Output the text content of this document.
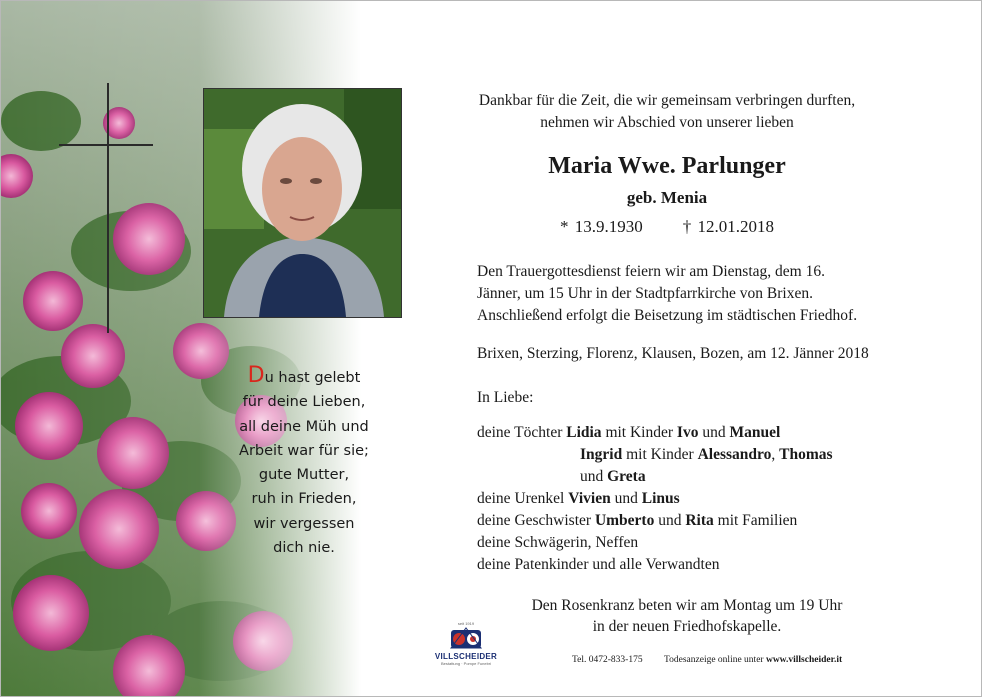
Du hast gelebt
für deine Lieben,
all deine Müh und
Arbeit war für sie;
gute Mutter,
ruh in Frieden,
wir vergessen
dich nie.
Dankbar für die Zeit, die wir gemeinsam verbringen durften,
nehmen wir Abschied von unserer lieben
Maria Wwe. Parlunger
geb. Menia
* 13.9.1930 † 12.01.2018
Den Trauergottesdienst feiern wir am Dienstag, dem 16.
Jänner, um 15 Uhr in der Stadtpfarrkirche von Brixen.
Anschließend erfolgt die Beisetzung im städtischen Friedhof.
Brixen, Sterzing, Florenz, Klausen, Bozen, am 12. Jänner 2018
In Liebe:
deine Töchter Lidia mit Kinder Ivo und Manuel
Ingrid mit Kinder Alessandro, Thomas
und Greta
deine Urenkel Vivien und Linus
deine Geschwister Umberto und Rita mit Familien
deine Schwägerin, Neffen
deine Patenkinder und alle Verwandten
Den Rosenkranz beten wir am Montag um 19 Uhr
in der neuen Friedhofskapelle.
seit 1919
VILLSCHEIDER
Bestattung · Pompe Funebri	Tel. 0472-833-175 Todesanzeige online unter www.villscheider.it
